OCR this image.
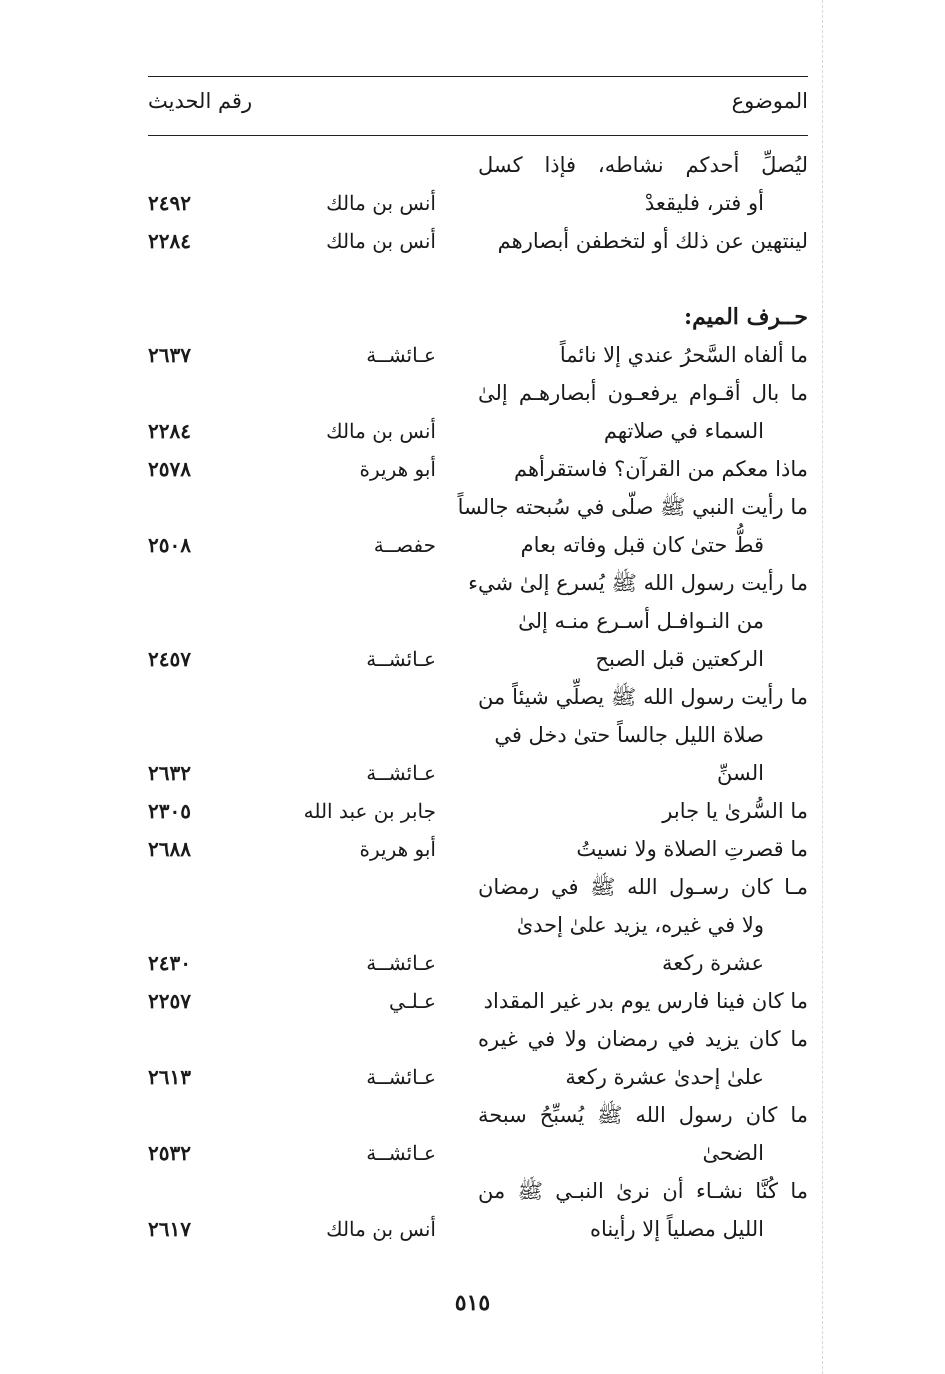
الموضوع
رقم الحديث
ليُصلِّ أحدكم نشاطه، فإذا كسل
أو فتر، فليقعدْ
أنس بن مالك
٢٤٩٢
لينتهين عن ذلك أو لتخطفن أبصارهم
أنس بن مالك
٢٢٨٤
حــرف الميم:
ما ألفاه السَّحرُ عندي إلا نائماً
عـائشــة
٢٦٣٧
ما بال أقـوام يرفعـون أبصارهـم إلىٰ
السماء في صلاتهم
أنس بن مالك
٢٢٨٤
ماذا معكم من القرآن؟ فاستقرأهم
أبو هريرة
٢٥٧٨
ما رأيت النبي ﷺ صلّى في سُبحته جالساً
قطُّ حتىٰ كان قبل وفاته بعام
حفصــة
٢٥٠٨
ما رأيت رسول الله ﷺ يُسرع إلىٰ شيء
من النـوافـل أسـرع منـه إلىٰ
الركعتين قبل الصبح
عـائشــة
٢٤٥٧
ما رأيت رسول الله ﷺ يصلِّي شيئاً من
صلاة الليل جالساً حتىٰ دخل في
السنِّ
عـائشــة
٢٦٣٢
ما السُّرىٰ يا جابر
جابر بن عبد الله
٢٣٠٥
ما قصرتِ الصلاة ولا نسيتُ
أبو هريرة
٢٦٨٨
مـا كان رسـول الله ﷺ في رمضان
ولا في غيره، يزيد علىٰ إحدىٰ
عشرة ركعة
عـائشــة
٢٤٣٠
ما كان فينا فارس يوم بدر غير المقداد
عـلـي
٢٢٥٧
ما كان يزيد في رمضان ولا في غيره
علىٰ إحدىٰ عشرة ركعة
عـائشــة
٢٦١٣
ما كان رسول الله ﷺ يُسبِّحُ سبحة
الضحىٰ
عـائشــة
٢٥٣٢
ما كُنَّا نشـاء أن نرىٰ النبـي ﷺ من
الليل مصلياً إلا رأيناه
أنس بن مالك
٢٦١٧
٥١٥
